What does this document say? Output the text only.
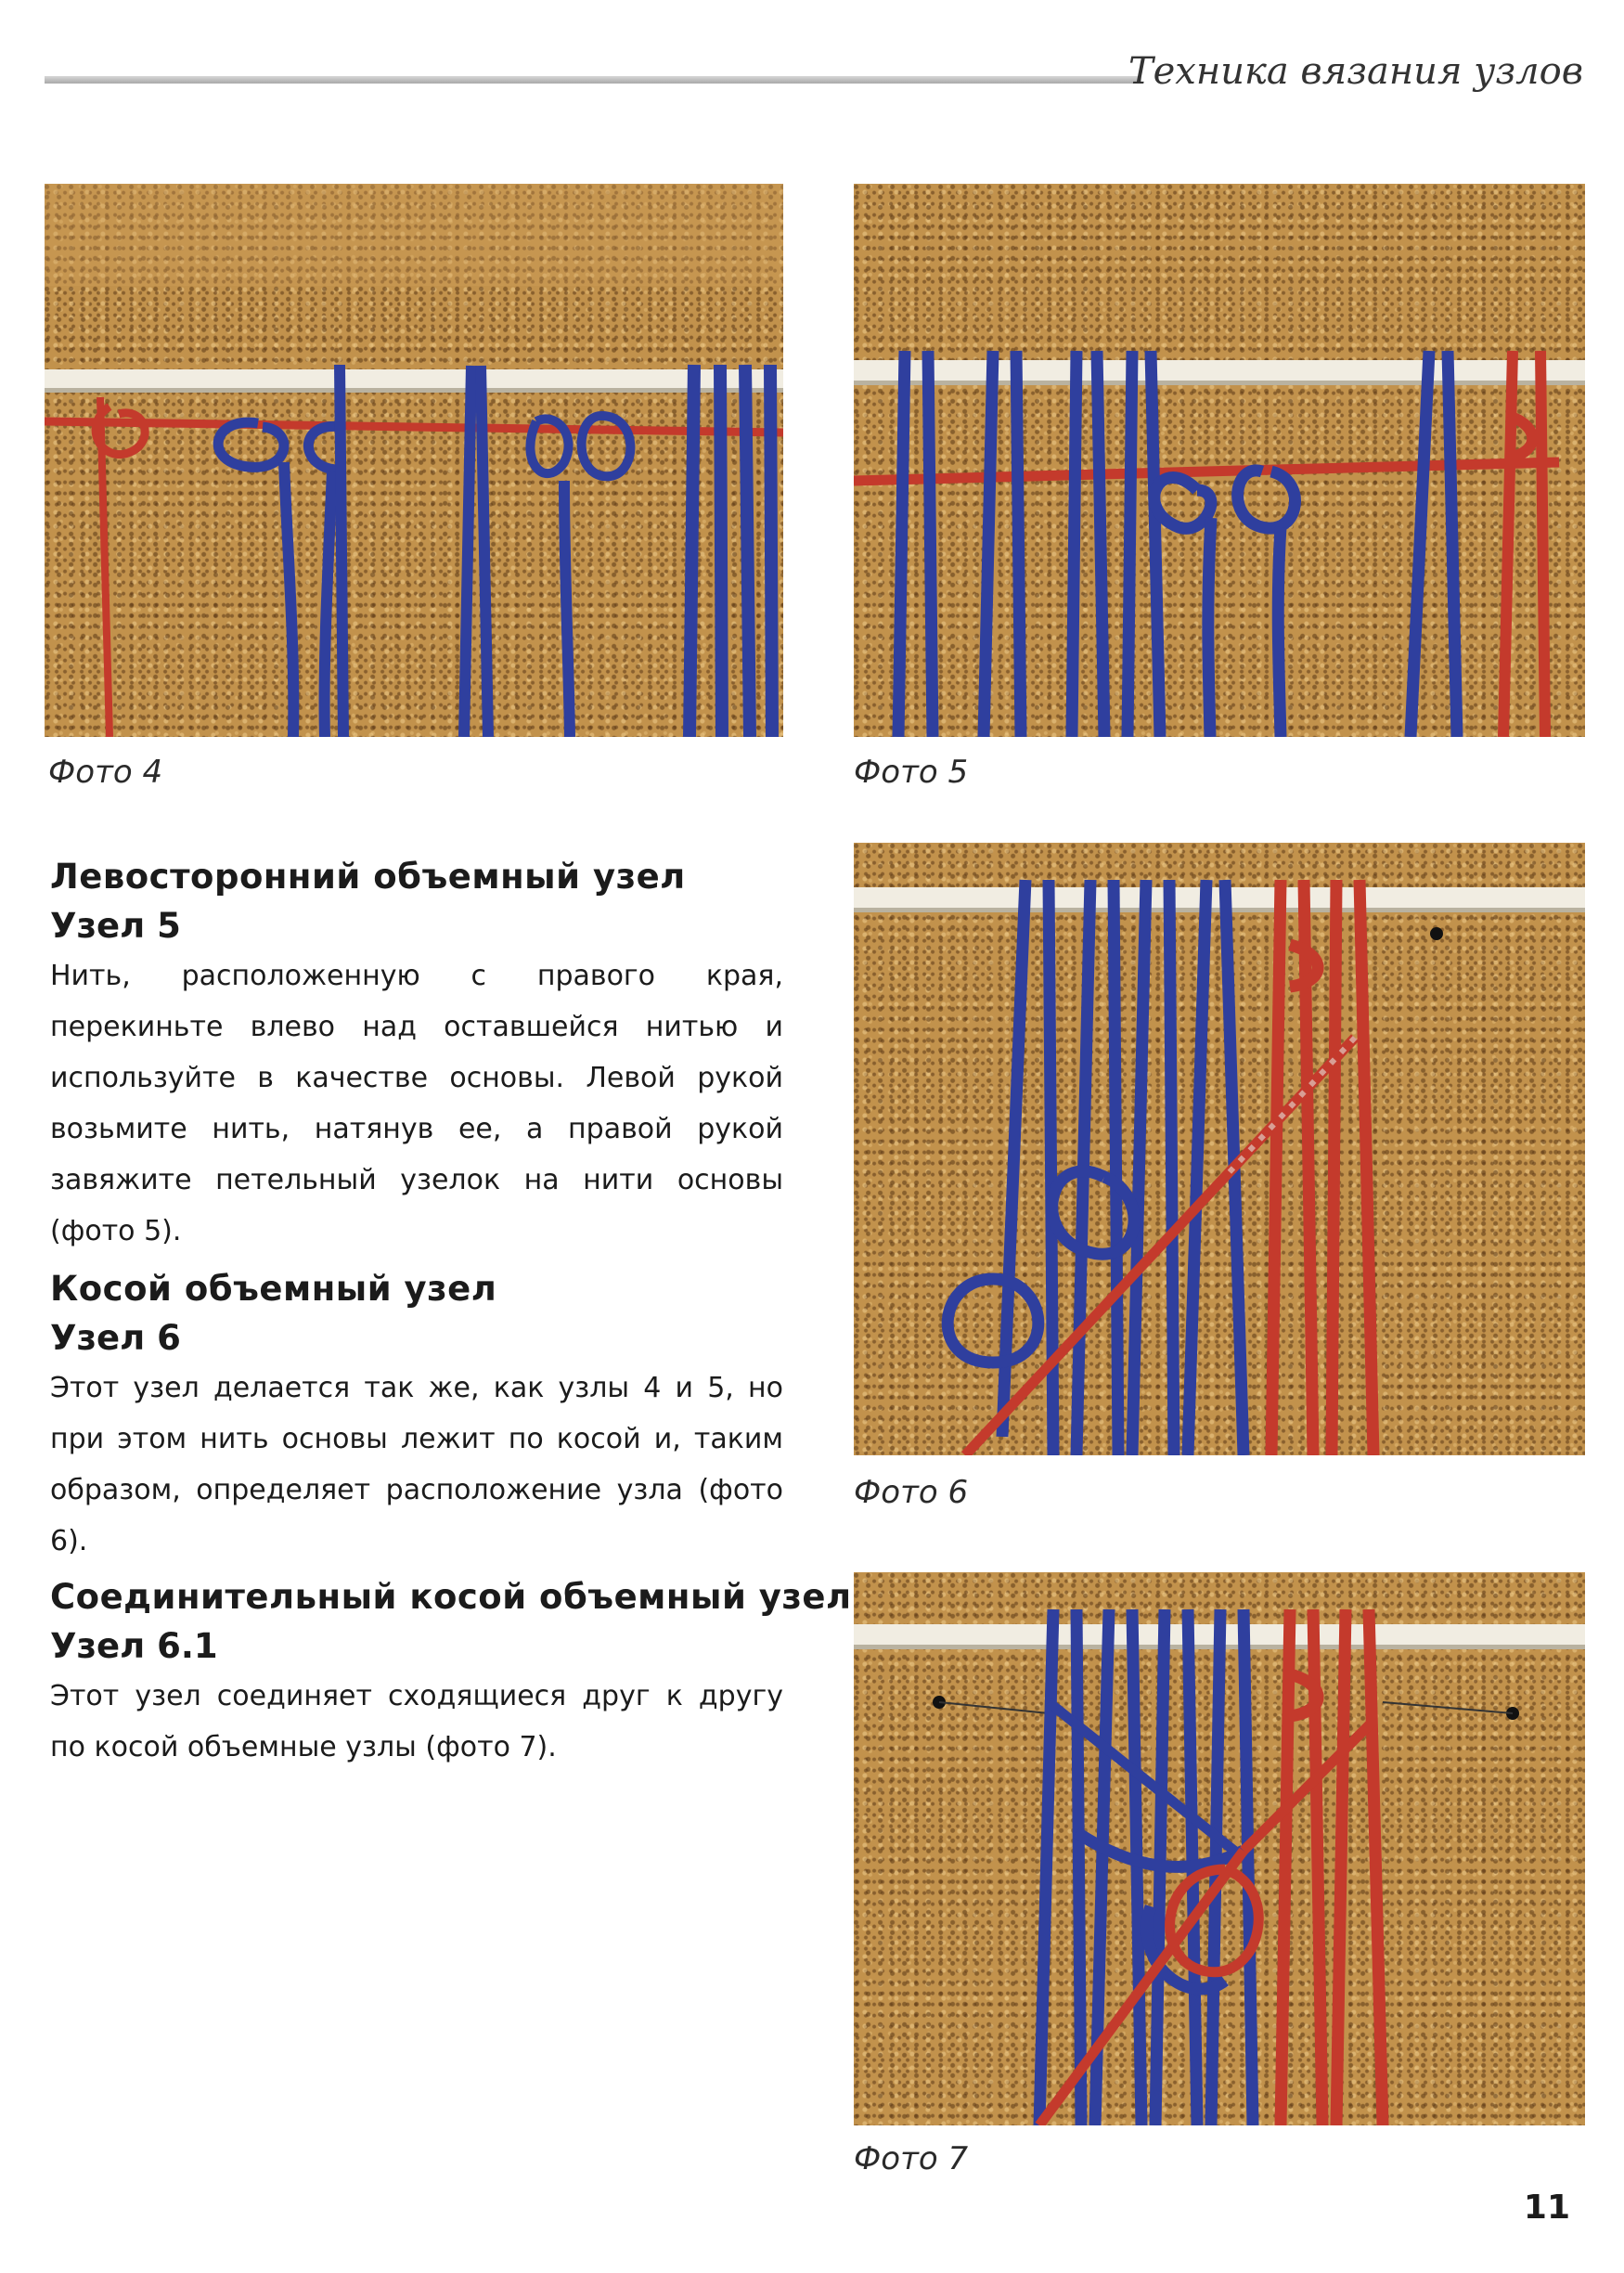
Техника вязания узлов
Фото 4	Фото 5
Фото 6
Фото 7
Левосторонний объемный узел
Узел 5

Нить, расположенную с правого края, перекиньте влево над оставшейся нитью и используйте в качестве основы. Левой рукой возьмите нить, натянув ее, а правой рукой завяжите петельный узелок на нити основы (фото 5).

Косой объемный узел
Узел 6

Этот узел делается так же, как узлы 4 и 5, но при этом нить основы лежит по косой и, таким образом, определяет расположение узла (фото 6).

Соединительный косой объемный узел
Узел 6.1

Этот узел соединяет сходящиеся друг к другу по косой объемные узлы (фото 7).

11
